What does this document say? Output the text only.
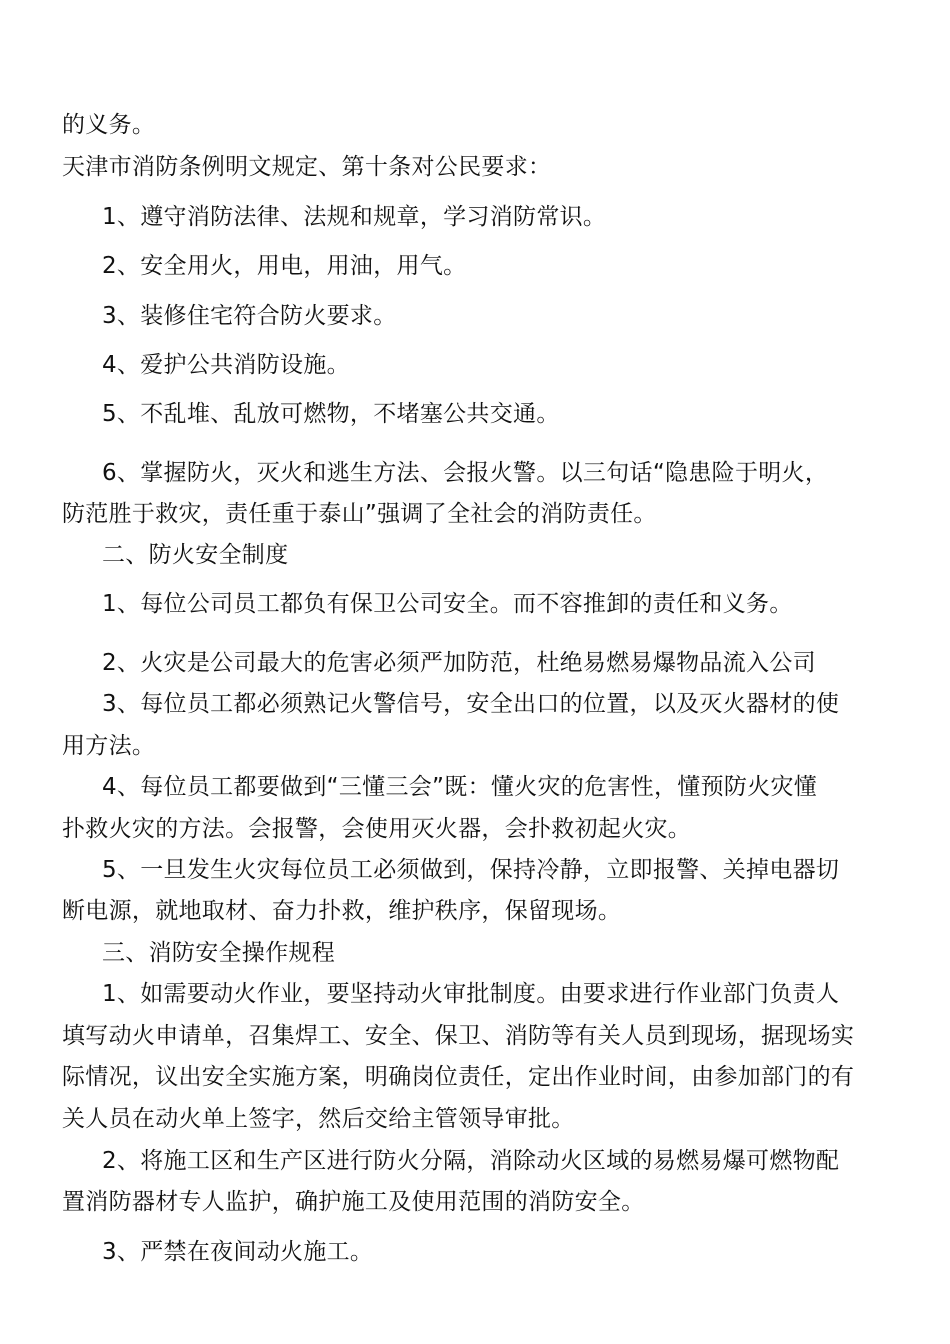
的义务。

天津市消防条例明文规定、第十条对公民要求：

1、遵守消防法律、法规和规章，学习消防常识。

2、安全用火，用电，用油，用气。

3、装修住宅符合防火要求。

4、爱护公共消防设施。

5、不乱堆、乱放可燃物，不堵塞公共交通。

6、掌握防火，灭火和逃生方法、会报火警。以三句话“隐患险于明火，

防范胜于救灾，责任重于泰山”强调了全社会的消防责任。

二、防火安全制度

1、每位公司员工都负有保卫公司安全。而不容推卸的责任和义务。

2、火灾是公司最大的危害必须严加防范，杜绝易燃易爆物品流入公司

3、每位员工都必须熟记火警信号，安全出口的位置，以及灭火器材的使

用方法。

4、每位员工都要做到“三懂三会”既：懂火灾的危害性，懂预防火灾懂

扑救火灾的方法。会报警，会使用灭火器，会扑救初起火灾。

5、一旦发生火灾每位员工必须做到，保持冷静，立即报警、关掉电器切

断电源，就地取材、奋力扑救，维护秩序，保留现场。

三、消防安全操作规程

1、如需要动火作业，要坚持动火审批制度。由要求进行作业部门负责人

填写动火申请单，召集焊工、安全、保卫、消防等有关人员到现场，据现场实

际情况，议出安全实施方案，明确岗位责任，定出作业时间，由参加部门的有

关人员在动火单上签字，然后交给主管领导审批。

2、将施工区和生产区进行防火分隔，消除动火区域的易燃易爆可燃物配

置消防器材专人监护，确护施工及使用范围的消防安全。

3、严禁在夜间动火施工。
